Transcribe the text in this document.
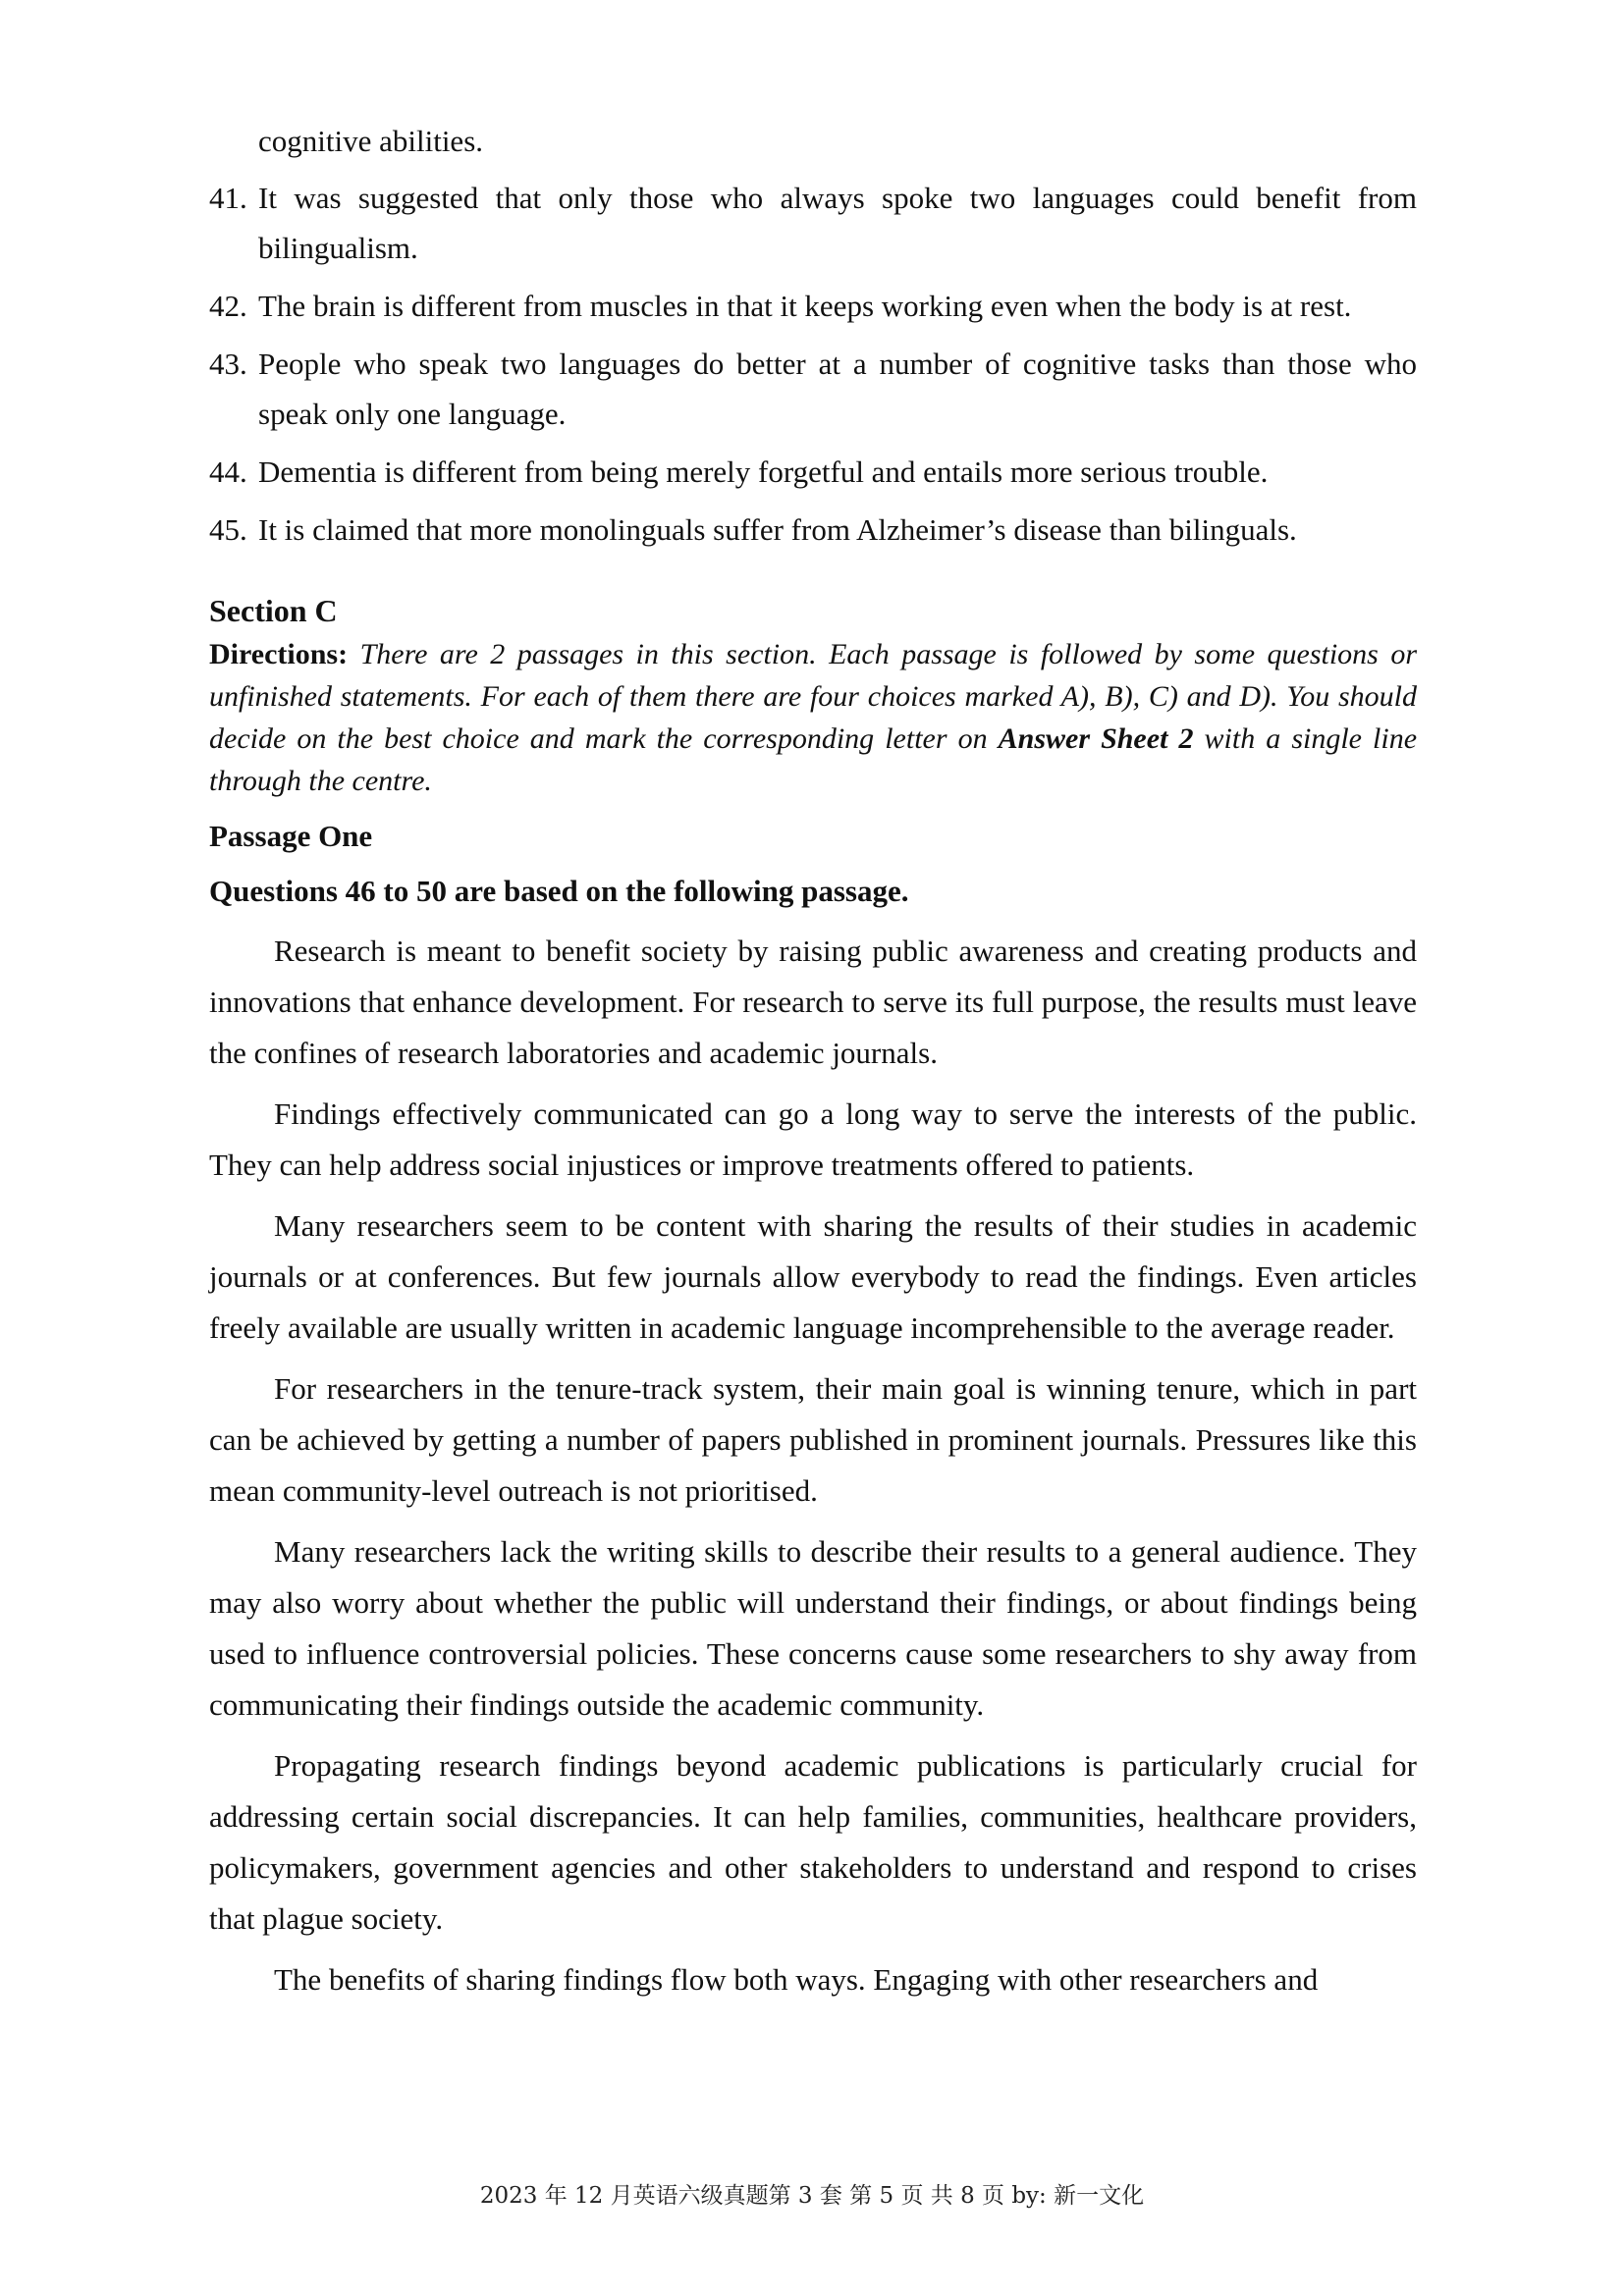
cognitive abilities.

41. It was suggested that only those who always spoke two languages could benefit from bilingualism.

42. The brain is different from muscles in that it keeps working even when the body is at rest.

43. People who speak two languages do better at a number of cognitive tasks than those who speak only one language.

44. Dementia is different from being merely forgetful and entails more serious trouble.

45. It is claimed that more monolinguals suffer from Alzheimer’s disease than bilinguals.

Section C

Directions: There are 2 passages in this section. Each passage is followed by some questions or unfinished statements. For each of them there are four choices marked A), B), C) and D). You should decide on the best choice and mark the corresponding letter on Answer Sheet 2 with a single line through the centre.

Passage One

Questions 46 to 50 are based on the following passage.

Research is meant to benefit society by raising public awareness and creating products and innovations that enhance development. For research to serve its full purpose, the results must leave the confines of research laboratories and academic journals.

Findings effectively communicated can go a long way to serve the interests of the public. They can help address social injustices or improve treatments offered to patients.

Many researchers seem to be content with sharing the results of their studies in academic journals or at conferences. But few journals allow everybody to read the findings. Even articles freely available are usually written in academic language incomprehensible to the average reader.

For researchers in the tenure-track system, their main goal is winning tenure, which in part can be achieved by getting a number of papers published in prominent journals. Pressures like this mean community-level outreach is not prioritised.

Many researchers lack the writing skills to describe their results to a general audience. They may also worry about whether the public will understand their findings, or about findings being used to influence controversial policies. These concerns cause some researchers to shy away from communicating their findings outside the academic community.

Propagating research findings beyond academic publications is particularly crucial for addressing certain social discrepancies. It can help families, communities, healthcare providers, policymakers, government agencies and other stakeholders to understand and respond to crises that plague society.

The benefits of sharing findings flow both ways. Engaging with other researchers and

2023 年 12 月英语六级真题第 3 套 第 5 页 共 8 页 by: 新一文化
